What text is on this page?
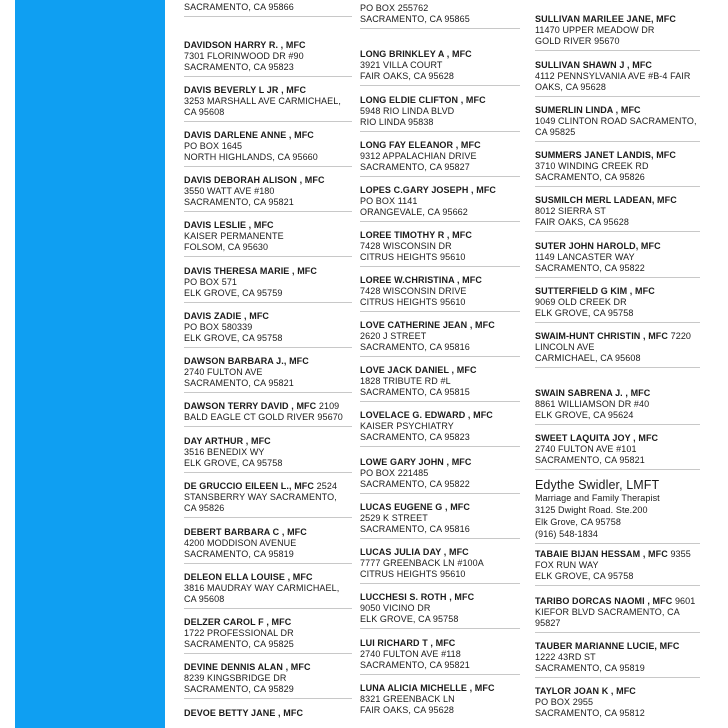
SACRAMENTO, CA 95866
DAVIDSON HARRY R. , MFC
7301 FLORINWOOD DR #90
SACRAMENTO, CA 95823
DAVIS BEVERLY L JR , MFC
3253 MARSHALL AVE CARMICHAEL,
CA 95608
DAVIS DARLENE ANNE , MFC
PO BOX 1645
NORTH HIGHLANDS, CA 95660
DAVIS DEBORAH ALISON , MFC
3550 WATT AVE #180
SACRAMENTO, CA 95821
DAVIS LESLIE , MFC
KAISER PERMANENTE
FOLSOM, CA 95630
DAVIS THERESA MARIE , MFC
PO BOX 571
ELK GROVE, CA 95759
DAVIS ZADIE , MFC
PO BOX 580339
ELK GROVE, CA 95758
DAWSON BARBARA J., MFC
2740 FULTON AVE
SACRAMENTO, CA 95821
DAWSON TERRY DAVID , MFC 2109
BALD EAGLE CT GOLD RIVER 95670
DAY ARTHUR , MFC
3516 BENEDIX WY
ELK GROVE, CA 95758
DE GRUCCIO EILEEN L., MFC 2524
STANSBERRY WAY SACRAMENTO,
CA 95826
DEBERT BARBARA C , MFC
4200 MODDISON AVENUE
SACRAMENTO, CA 95819
DELEON ELLA LOUISE , MFC
3816 MAUDRAY WAY CARMICHAEL,
CA 95608
DELZER CAROL F , MFC
1722 PROFESSIONAL DR
SACRAMENTO, CA 95825
DEVINE DENNIS ALAN , MFC
8239 KINGSBRIDGE DR
SACRAMENTO, CA 95829
DEVOE BETTY JANE , MFC
PO BOX 255762
SACRAMENTO, CA 95865
LONG BRINKLEY A , MFC
3921 VILLA COURT
FAIR OAKS, CA 95628
LONG ELDIE CLIFTON , MFC
5948 RIO LINDA BLVD
RIO LINDA 95838
LONG FAY ELEANOR , MFC
9312 APPALACHIAN DRIVE
SACRAMENTO, CA 95827
LOPES C.GARY JOSEPH , MFC
PO BOX 1141
ORANGEVALE, CA 95662
LOREE TIMOTHY R , MFC
7428 WISCONSIN DR
CITRUS HEIGHTS 95610
LOREE W.CHRISTINA , MFC
7428 WISCONSIN DRIVE
CITRUS HEIGHTS 95610
LOVE CATHERINE JEAN , MFC
2620 J STREET
SACRAMENTO, CA 95816
LOVE JACK DANIEL , MFC
1828 TRIBUTE RD #L
SACRAMENTO, CA 95815
LOVELACE G. EDWARD , MFC
KAISER PSYCHIATRY
SACRAMENTO, CA 95823
LOWE GARY JOHN , MFC
PO BOX 221485
SACRAMENTO, CA 95822
LUCAS EUGENE G , MFC
2529 K STREET
SACRAMENTO, CA 95816
LUCAS JULIA DAY , MFC
7777 GREENBACK LN #100A
CITRUS HEIGHTS 95610
LUCCHESI S. ROTH , MFC
9050 VICINO DR
ELK GROVE, CA 95758
LUI RICHARD T , MFC
2740 FULTON AVE #118
SACRAMENTO, CA 95821
LUNA ALICIA MICHELLE , MFC
8321 GREENBACK LN
FAIR OAKS, CA 95628
SULLIVAN MARILEE JANE, MFC
11470 UPPER MEADOW DR
GOLD RIVER 95670
SULLIVAN SHAWN J , MFC
4112 PENNSYLVANIA AVE #B-4 FAIR
OAKS, CA 95628
SUMERLIN LINDA , MFC
1049 CLINTON ROAD SACRAMENTO,
CA 95825
SUMMERS JANET LANDIS, MFC
3710 WINDING CREEK RD
SACRAMENTO, CA 95826
SUSMILCH MERL LADEAN, MFC
8012 SIERRA ST
FAIR OAKS, CA 95628
SUTER JOHN HAROLD, MFC
1149 LANCASTER WAY
SACRAMENTO, CA 95822
SUTTERFIELD G KIM , MFC
9069 OLD CREEK DR
ELK GROVE, CA 95758
SWAIM-HUNT CHRISTIN , MFC 7220
LINCOLN AVE
CARMICHAEL, CA 95608
SWAIN SABRENA J. , MFC
8861 WILLIAMSON DR #40
ELK GROVE, CA 95624
SWEET LAQUITA JOY , MFC
2740 FULTON AVE #101
SACRAMENTO, CA 95821
Edythe Swidler, LMFT
Marriage and Family Therapist
3125 Dwight Road. Ste.200
Elk Grove, CA 95758
(916) 548-1834
TABAIE BIJAN HESSAM , MFC 9355
FOX RUN WAY
ELK GROVE, CA 95758
TARIBO DORCAS NAOMI , MFC 9601
KIEFOR BLVD SACRAMENTO, CA
95827
TAUBER MARIANNE LUCIE, MFC
1222 43RD ST
SACRAMENTO, CA 95819
TAYLOR JOAN K , MFC
PO BOX 2955
SACRAMENTO, CA 95812
